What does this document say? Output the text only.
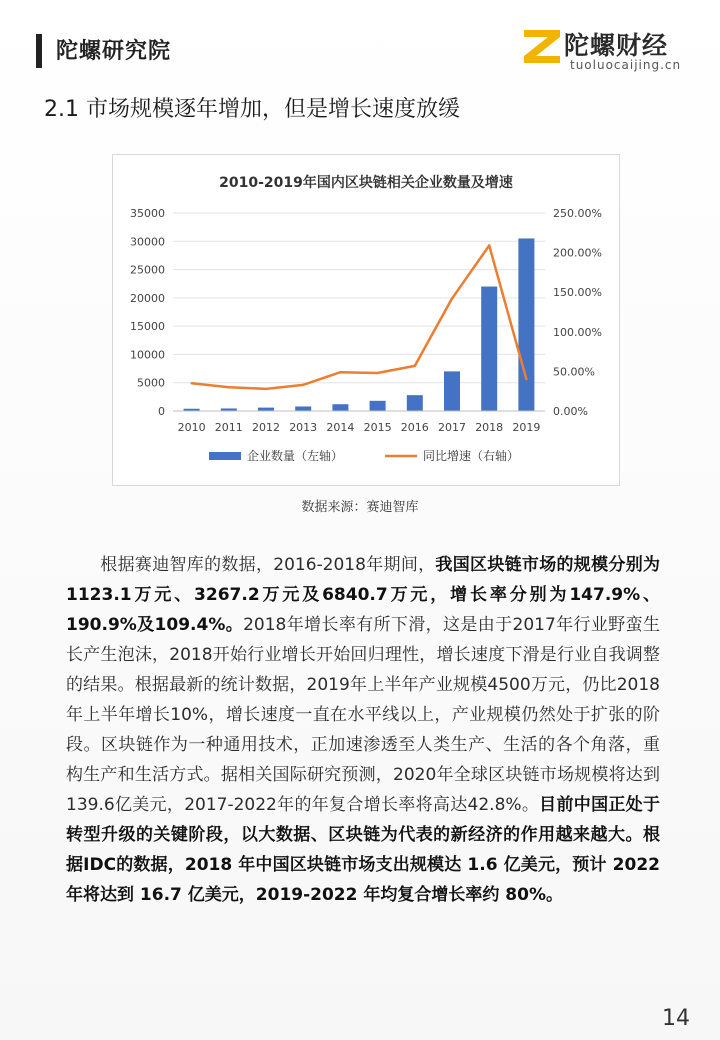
陀螺研究院	陀螺财经
tuoluocaijing.cn
2.1 市场规模逐年增加，但是增长速度放缓
2010-2019年国内区块链相关企业数量及增速
0
5000
10000
15000
20000
25000
30000
35000
0.00%
50.00%
100.00%
150.00%
200.00%
250.00%
2010 2011 2012 2013 2014 2015 2016 2017 2018 2019
企业数量（左轴）	同比增速（右轴）
数据来源：赛迪智库
根据赛迪智库的数据，2016-2018年期间，我国区块链市场的规模分别为1123.1万元、3267.2万元及6840.7万元，增长率分别为147.9%、190.9%及109.4%。2018年增长率有所下滑，这是由于2017年行业野蛮生长产生泡沫，2018开始行业增长开始回归理性，增长速度下滑是行业自我调整的结果。根据最新的统计数据，2019年上半年产业规模4500万元，仍比2018年上半年增长10%，增长速度一直在水平线以上，产业规模仍然处于扩张的阶段。区块链作为一种通用技术，正加速渗透至人类生产、生活的各个角落，重构生产和生活方式。据相关国际研究预测，2020年全球区块链市场规模将达到139.6亿美元，2017-2022年的年复合增长率将高达42.8%。目前中国正处于转型升级的关键阶段，以大数据、区块链为代表的新经济的作用越来越大。根据IDC的数据，2018 年中国区块链市场支出规模达 1.6 亿美元，预计 2022 年将达到 16.7 亿美元，2019-2022 年均复合增长率约 80%。
14
